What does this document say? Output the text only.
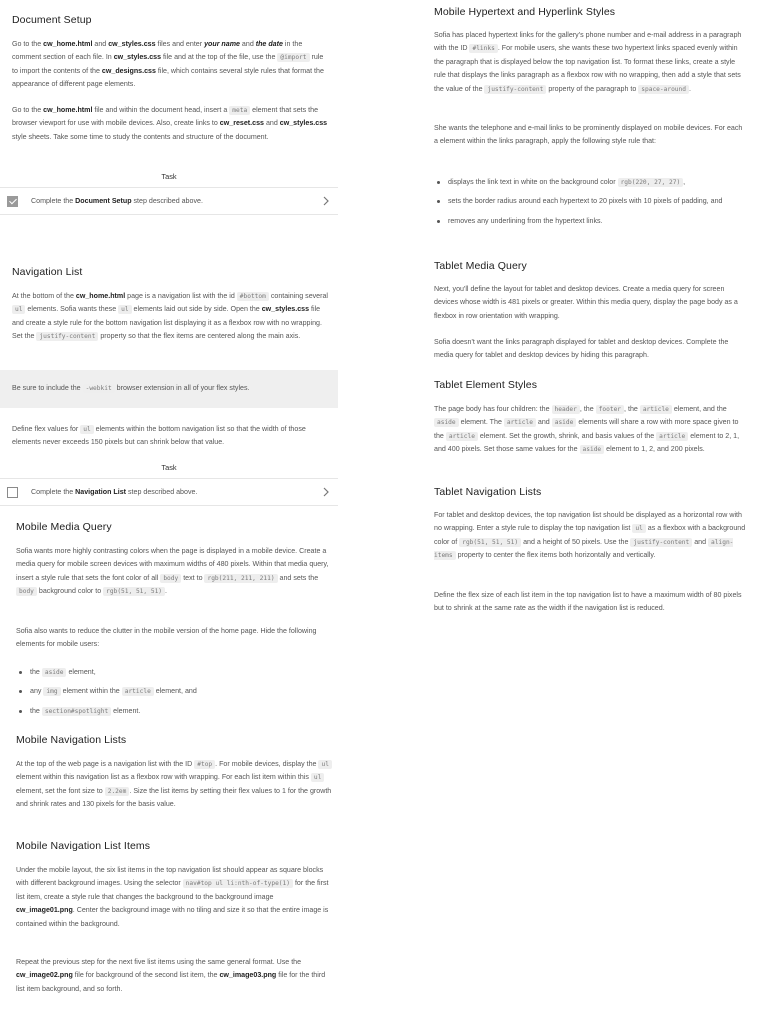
Document Setup

Go to the cw_home.html and cw_styles.css files and enter your name and the date in the comment section of each file. In cw_styles.css file and at the top of the file, use the @import rule to import the contents of the cw_designs.css file, which contains several style rules that format the appearance of different page elements.

Go to the cw_home.html file and within the document head, insert a meta element that sets the browser viewport for use with mobile devices. Also, create links to cw_reset.css and cw_styles.css style sheets. Take some time to study the contents and structure of the document.

Task
Complete the Document Setup step described above.
Navigation List

At the bottom of the cw_home.html page is a navigation list with the id #bottom containing several ul elements. Sofia wants these ul elements laid out side by side. Open the cw_styles.css file and create a style rule for the bottom navigation list displaying it as a flexbox row with no wrapping. Set the justify-content property so that the flex items are centered along the main axis.

Be sure to include the -webkit browser extension in all of your flex styles.

Define flex values for ul elements within the bottom navigation list so that the width of those elements never exceeds 150 pixels but can shrink below that value.

Task
Complete the Navigation List step described above.
Mobile Media Query

Sofia wants more highly contrasting colors when the page is displayed in a mobile device. Create a media query for mobile screen devices with maximum widths of 480 pixels. Within that media query, insert a style rule that sets the font color of all body text to rgb(211, 211, 211) and sets the body background color to rgb(51, 51, 51) .

Sofia also wants to reduce the clutter in the mobile version of the home page. Hide the following elements for mobile users:

the aside element,
any img element within the article element, and
the section#spotlight element.
Mobile Navigation Lists

At the top of the web page is a navigation list with the ID #top . For mobile devices, display the ul element within this navigation list as a flexbox row with wrapping. For each list item within this ul element, set the font size to 2.2em . Size the list items by setting their flex values to 1 for the growth and shrink rates and 130 pixels for the basis value.

Mobile Navigation List Items

Under the mobile layout, the six list items in the top navigation list should appear as square blocks with different background images. Using the selector nav#top ul li:nth-of-type(1) for the first list item, create a style rule that changes the background to the background image cw_image01.png. Center the background image with no tiling and size it so that the entire image is contained within the background.

Repeat the previous step for the next five list items using the same general format. Use the cw_image02.png file for background of the second list item, the cw_image03.png file for the third list item background, and so forth.

Mobile Hypertext and Hyperlink Styles

Sofia has placed hypertext links for the gallery's phone number and e-mail address in a paragraph with the ID #links . For mobile users, she wants these two hypertext links spaced evenly within the paragraph that is displayed below the top navigation list. To format these links, create a style rule that displays the links paragraph as a flexbox row with no wrapping, then add a style that sets the value of the justify-content property of the paragraph to space-around .

She wants the telephone and e-mail links to be prominently displayed on mobile devices. For each a element within the links paragraph, apply the following style rule that:

displays the link text in white on the background color rgb(220, 27, 27) ,
sets the border radius around each hypertext to 20 pixels with 10 pixels of padding, and
removes any underlining from the hypertext links.
Tablet Media Query

Next, you'll define the layout for tablet and desktop devices. Create a media query for screen devices whose width is 481 pixels or greater. Within this media query, display the page body as a flexbox in row orientation with wrapping.

Sofia doesn't want the links paragraph displayed for tablet and desktop devices. Complete the media query for tablet and desktop devices by hiding this paragraph.

Tablet Element Styles

The page body has four children: the header , the footer , the article element, and the aside element. The article and aside elements will share a row with more space given to the article element. Set the growth, shrink, and basis values of the article element to 2, 1, and 400 pixels. Set those same values for the aside element to 1, 2, and 200 pixels.

Tablet Navigation Lists

For tablet and desktop devices, the top navigation list should be displayed as a horizontal row with no wrapping. Enter a style rule to display the top navigation list ul as a flexbox with a background color of rgb(51, 51, 51) and a height of 50 pixels. Use the justify-content and align-items property to center the flex items both horizontally and vertically.

Define the flex size of each list item in the top navigation list to have a maximum width of 80 pixels but to shrink at the same rate as the width if the navigation list is reduced.
